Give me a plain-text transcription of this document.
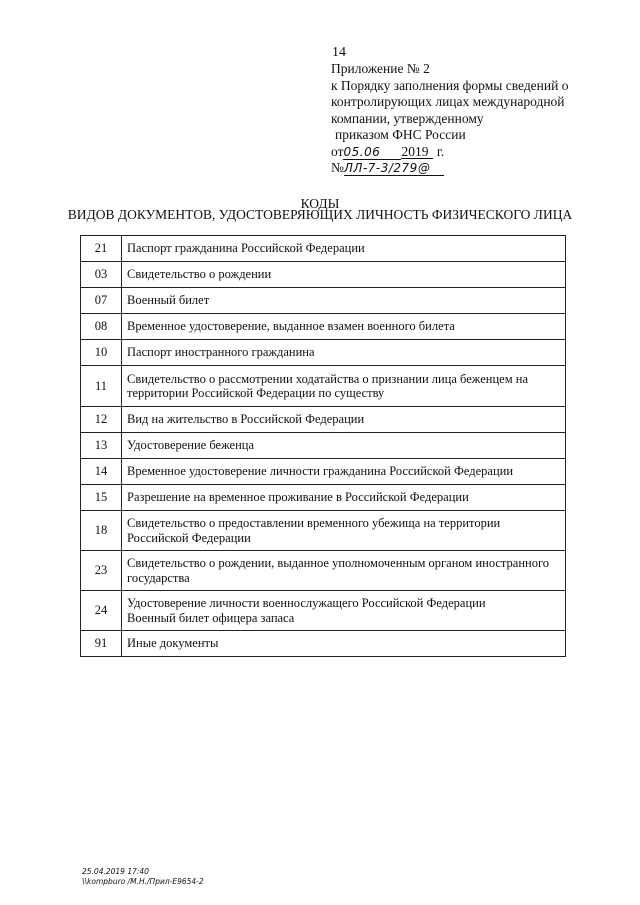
14
Приложение № 2
к Порядку заполнения формы сведений о
контролирующих лицах международной
компании, утвержденному
приказом ФНС России
от05.06 2019 г.
№ЛЛ-7-3/279@
КОДЫ
ВИДОВ ДОКУМЕНТОВ, УДОСТОВЕРЯЮЩИХ ЛИЧНОСТЬ ФИЗИЧЕСКОГО ЛИЦА
21	Паспорт гражданина Российской Федерации
03	Свидетельство о рождении
07	Военный билет
08	Временное удостоверение, выданное взамен военного билета
10	Паспорт иностранного гражданина
11	Свидетельство о рассмотрении ходатайства о признании лица беженцем на территории Российской Федерации по существу
12	Вид на жительство в Российской Федерации
13	Удостоверение беженца
14	Временное удостоверение личности гражданина Российской Федерации
15	Разрешение на временное проживание в Российской Федерации
18	Свидетельство о предоставлении временного убежища на территории Российской Федерации
23	Свидетельство о рождении, выданное уполномоченным органом иностранного государства
24	Удостоверение личности военнослужащего Российской Федерации
Военный билет офицера запаса

91	Иные документы
25.04.2019 17:40
\\kompburo /М.Н./Прил-Е9654-2
